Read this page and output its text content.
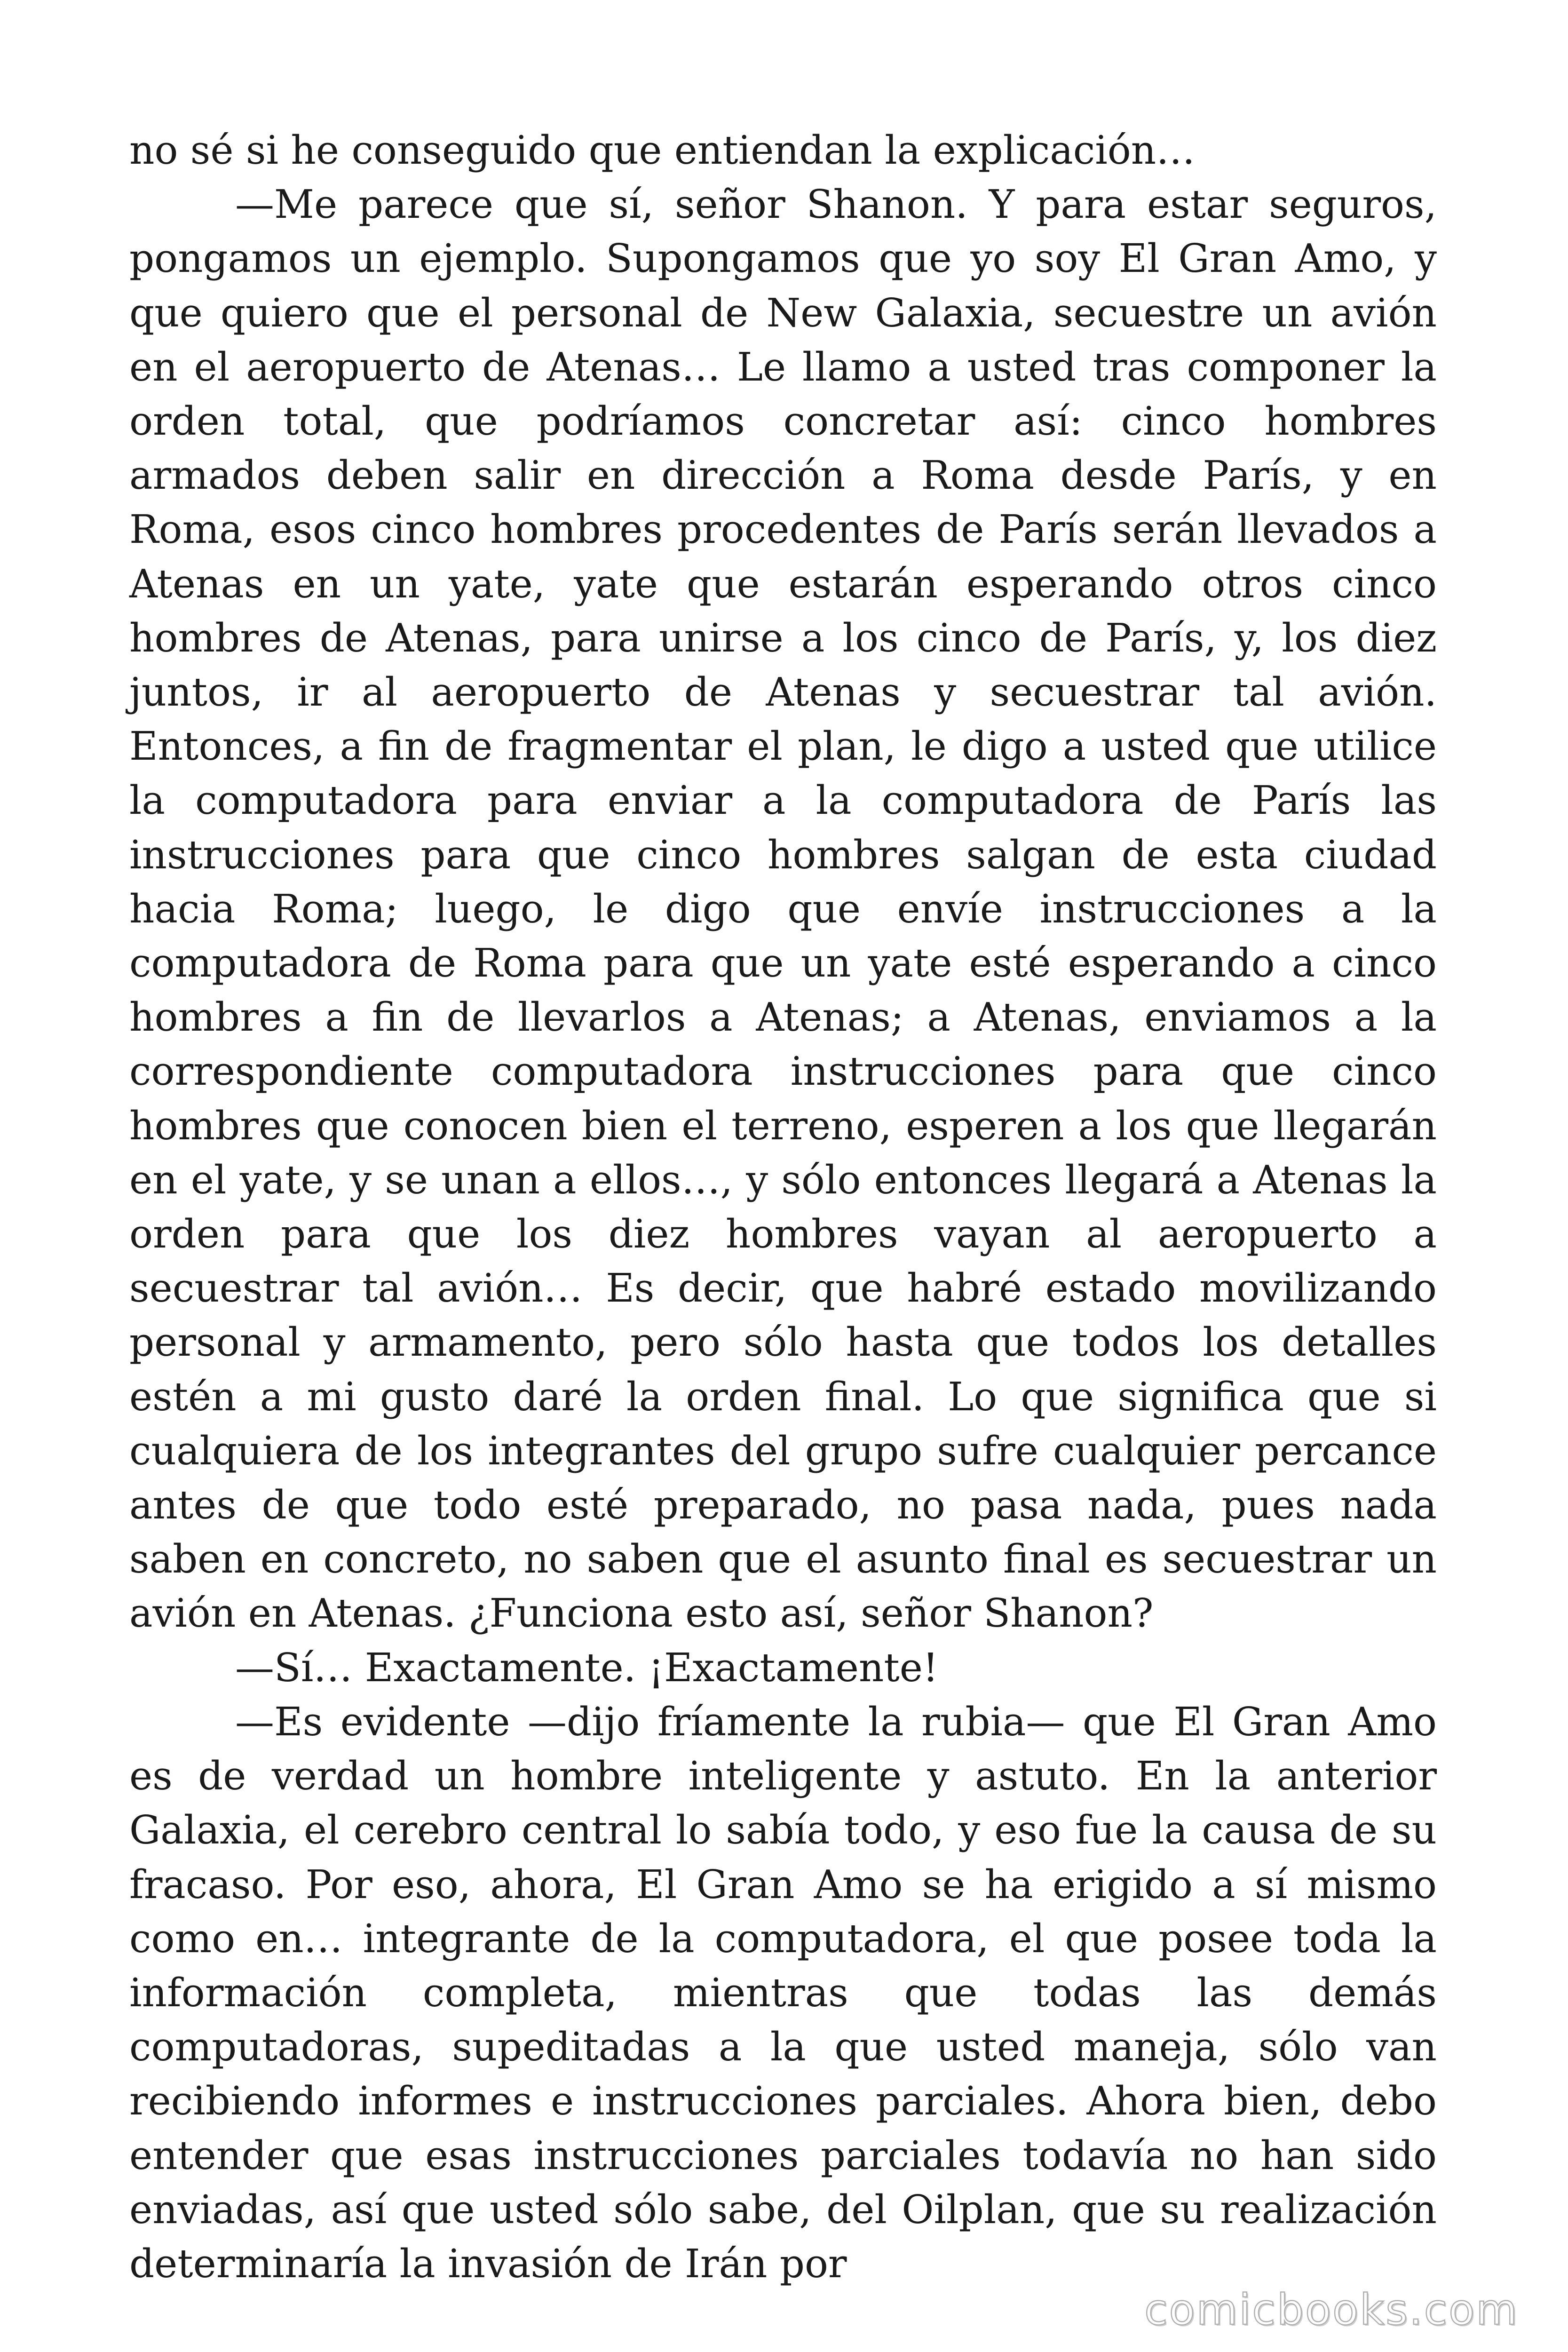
no sé si he conseguido que entiendan la explicación…

—Me parece que sí, señor Shanon. Y para estar seguros, pongamos un ejemplo. Supongamos que yo soy El Gran Amo, y que quiero que el personal de New Galaxia, secuestre un avión en el aeropuerto de Atenas… Le llamo a usted tras componer la orden total, que podríamos concretar así: cinco hombres armados deben salir en dirección a Roma desde París, y en Roma, esos cinco hombres procedentes de París serán llevados a Atenas en un yate, yate que estarán esperando otros cinco hombres de Atenas, para unirse a los cinco de París, y, los diez juntos, ir al aeropuerto de Atenas y secuestrar tal avión. Entonces, a fin de fragmentar el plan, le digo a usted que utilice la computadora para enviar a la computadora de París las instrucciones para que cinco hombres salgan de esta ciudad hacia Roma; luego, le digo que envíe instrucciones a la computadora de Roma para que un yate esté esperando a cinco hombres a fin de llevarlos a Atenas; a Atenas, enviamos a la correspondiente computadora instrucciones para que cinco hombres que conocen bien el terreno, esperen a los que llegarán en el yate, y se unan a ellos…, y sólo entonces llegará a Atenas la orden para que los diez hombres vayan al aeropuerto a secuestrar tal avión… Es decir, que habré estado movilizando personal y armamento, pero sólo hasta que todos los detalles estén a mi gusto daré la orden final. Lo que significa que si cualquiera de los integrantes del grupo sufre cualquier percance antes de que todo esté preparado, no pasa nada, pues nada saben en concreto, no saben que el asunto final es secuestrar un avión en Atenas. ¿Funciona esto así, señor Shanon?

—Sí… Exactamente. ¡Exactamente!

—Es evidente —dijo fríamente la rubia— que El Gran Amo es de verdad un hombre inteligente y astuto. En la anterior Galaxia, el cerebro central lo sabía todo, y eso fue la causa de su fracaso. Por eso, ahora, El Gran Amo se ha erigido a sí mismo como en… integrante de la computadora, el que posee toda la información completa, mientras que todas las demás computadoras, supeditadas a la que usted maneja, sólo van recibiendo informes e instrucciones parciales. Ahora bien, debo entender que esas instrucciones parciales todavía no han sido enviadas, así que usted sólo sabe, del Oilplan, que su realización determinaría la invasión de Irán por

comicbooks.com
